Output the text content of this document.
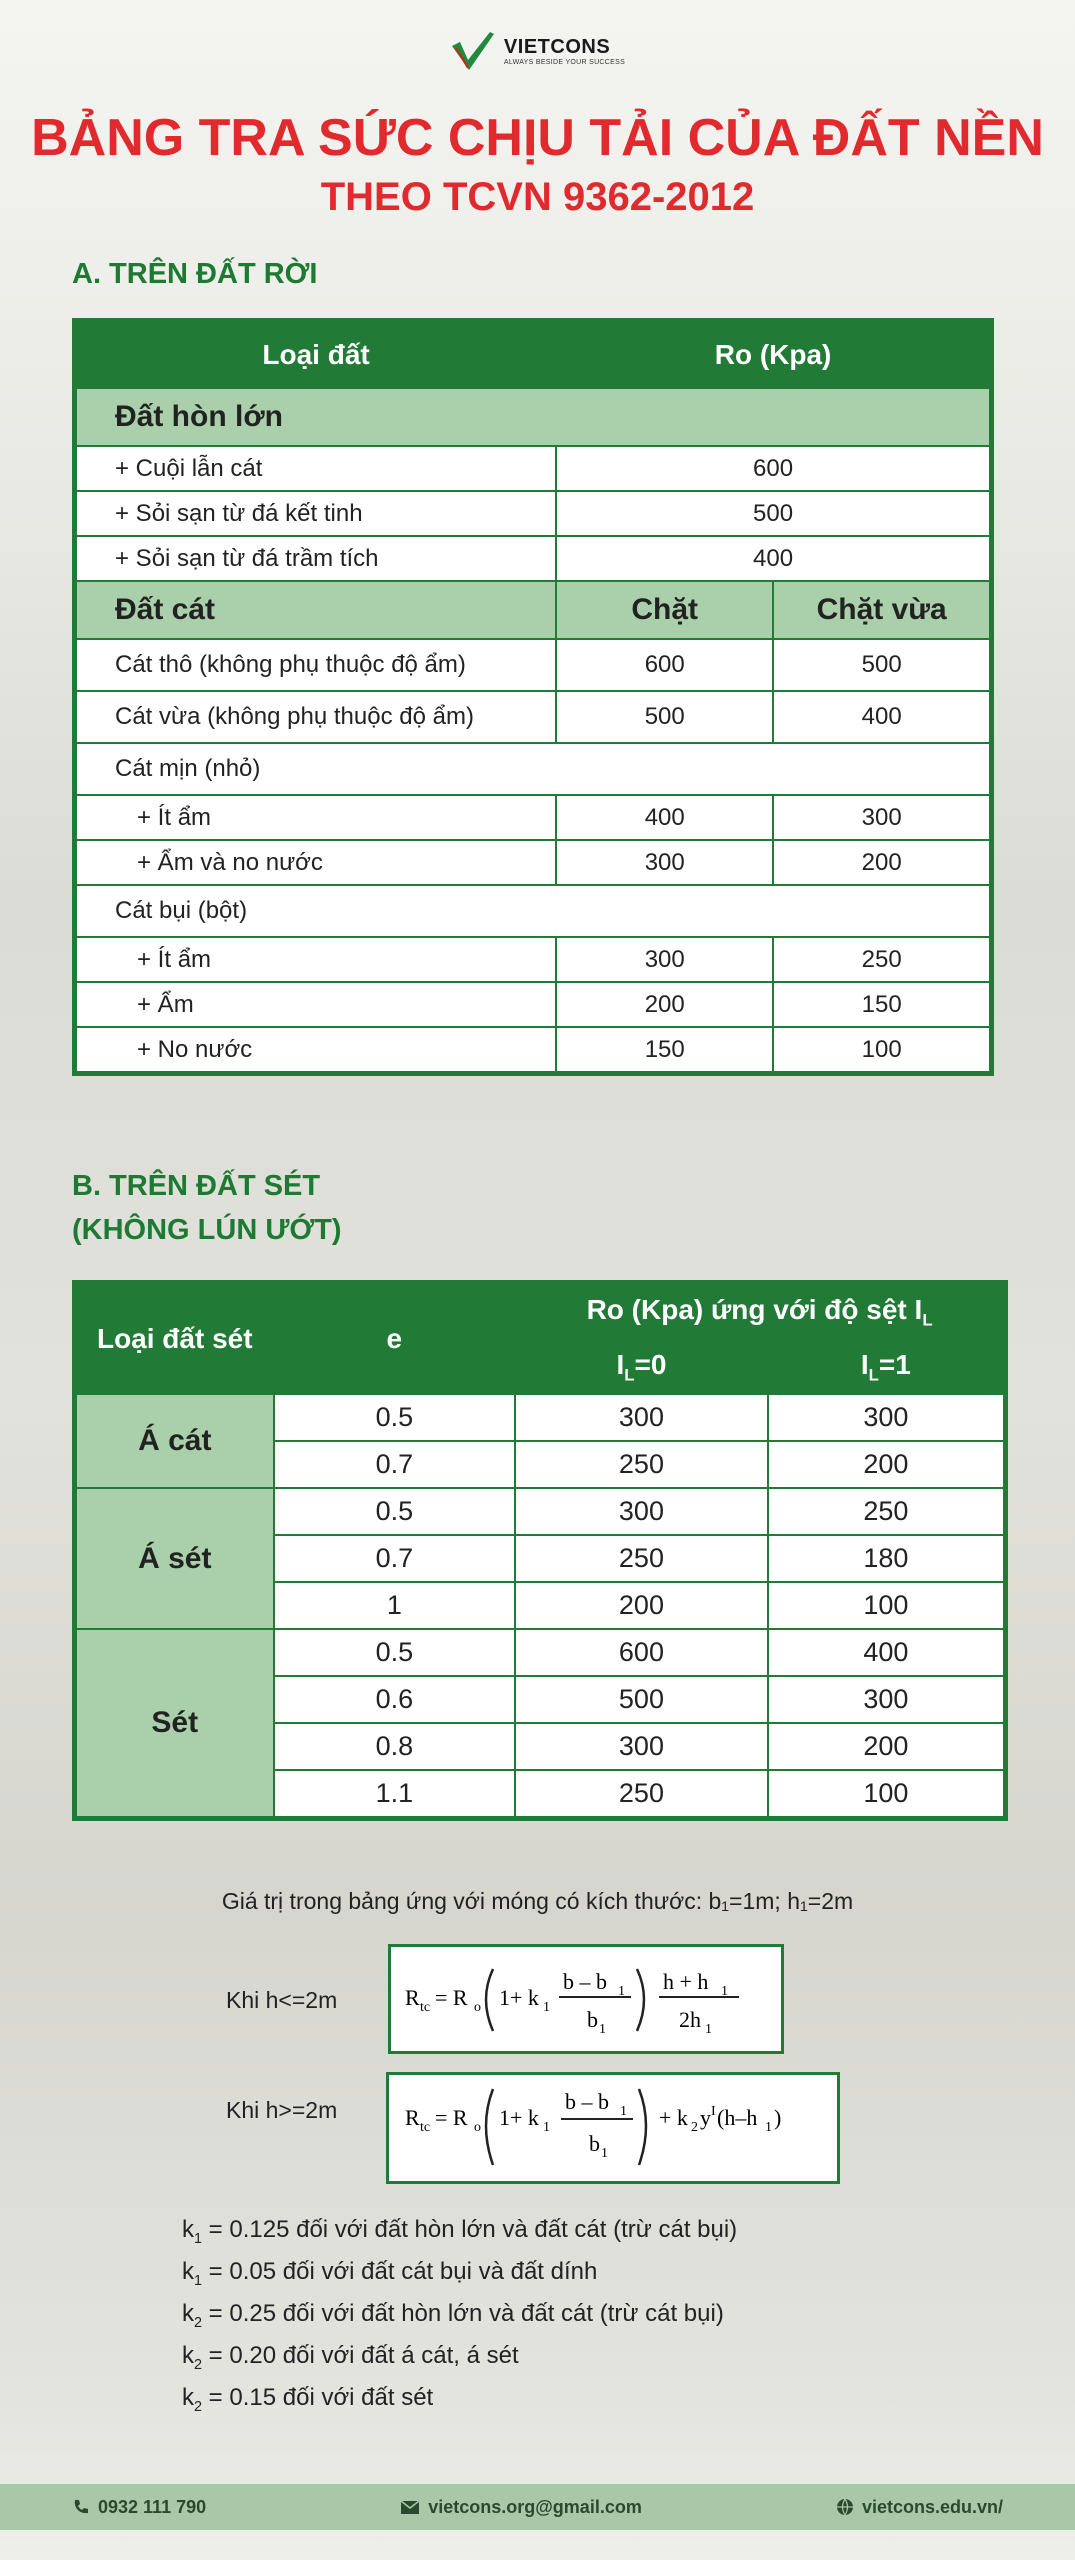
VIETCONS
ALWAYS BESIDE YOUR SUCCESS
BẢNG TRA SỨC CHỊU TẢI CỦA ĐẤT NỀN
THEO TCVN 9362-2012
A. TRÊN ĐẤT RỜI
Loại đất	Ro (Kpa)	
Đất hòn lớn		
+ Cuội lẫn cát	600	
+ Sỏi sạn từ đá kết tinh	500	
+ Sỏi sạn từ đá trầm tích	400	
Đất cát	Chặt	Chặt vừa
Cát thô (không phụ thuộc độ ẩm)	600	500
Cát vừa (không phụ thuộc độ ẩm)	500	400
Cát mịn (nhỏ)		
+ Ít ẩm	400	300
+ Ẩm và no nước	300	200
Cát bụi (bột)		
+ Ít ẩm	300	250
+ Ẩm	200	150
+ No nước	150	100
B. TRÊN ĐẤT SÉT
(KHÔNG LÚN ƯỚT)
Loại đất sét	e	Ro (Kpa) ứng với độ sệt $I_L$
		$I_L=0$	$I_L=1$
Á cát	0.5	300	300
	0.7	250	200
Á sét	0.5	300	250
	0.7	250	180
	1	200	100
Sét	0.5	600	400
	0.6	500	300
	0.8	300	200
	1.1	250	100
Giá trị trong bảng ứng với móng có kích thước: b₁=1m; h₁=2m
Khi h<=2m	R tc = R o 1+ k 1
b – b 1
b 1
h + h 1
2h 1
Khi h>=2m	R tc = R o 1+ k 1
b – b 1
b 1
+ k 2 y I (h–h 1 )
$k_1 = 0.125$ đối với đất hòn lớn và đất cát (trừ cát bụi)
$k_1 = 0.05$ đối với đất cát bụi và đất dính
$k_2 = 0.25$ đối với đất hòn lớn và đất cát (trừ cát bụi)
$k_2 = 0.20$ đối với đất á cát, á sét
$k_2 = 0.15$ đối với đất sét
0932 111 790	vietcons.org@gmail.com	vietcons.edu.vn/
